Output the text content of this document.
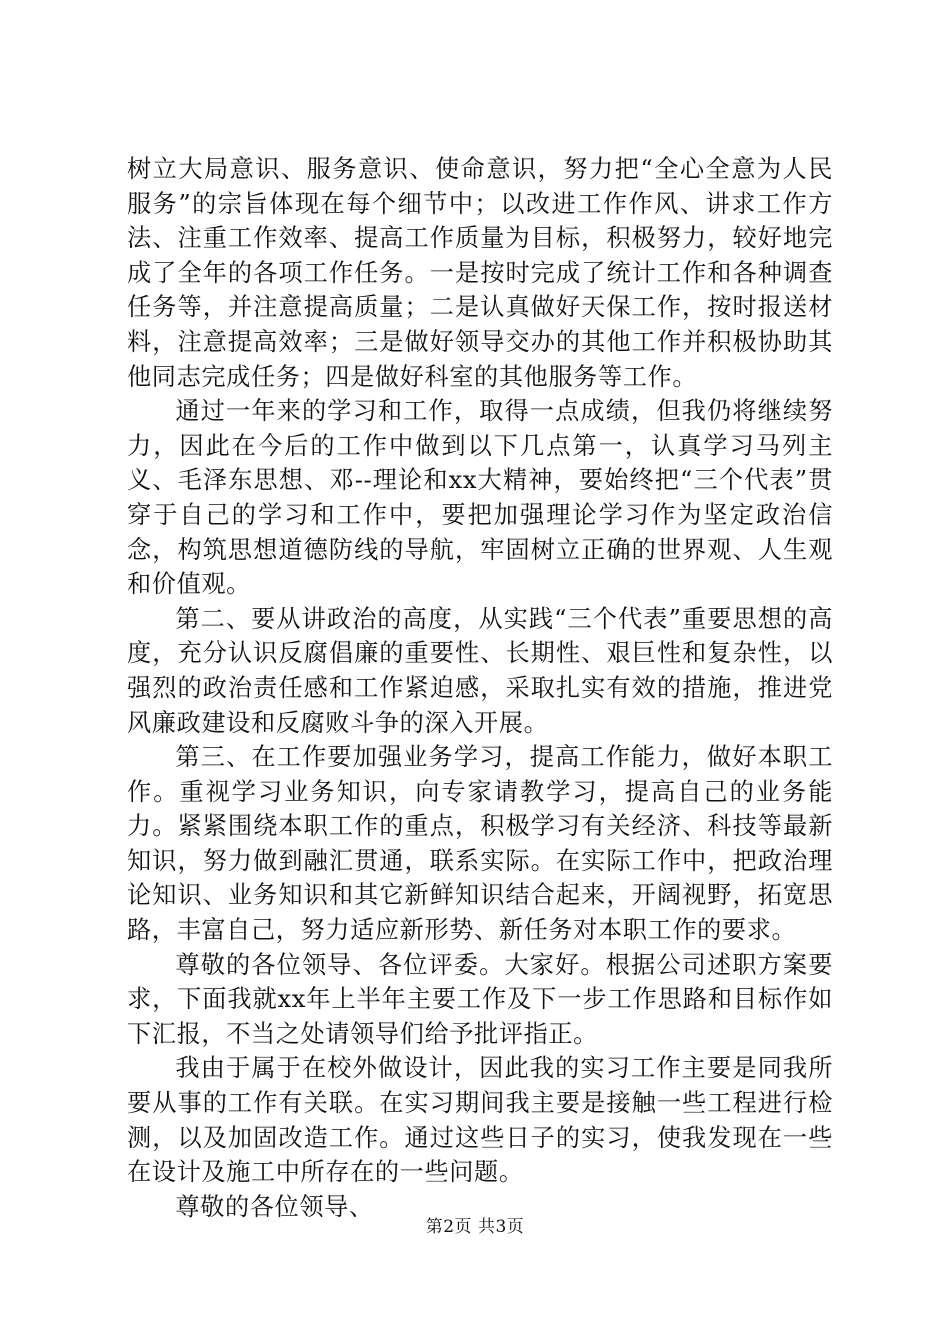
树立大局意识、服务意识、使命意识，努力把“全心全意为人民服务”的宗旨体现在每个细节中；以改进工作作风、讲求工作方法、注重工作效率、提高工作质量为目标，积极努力，较好地完成了全年的各项工作任务。一是按时完成了统计工作和各种调查任务等，并注意提高质量；二是认真做好天保工作，按时报送材料，注意提高效率；三是做好领导交办的其他工作并积极协助其他同志完成任务；四是做好科室的其他服务等工作。

通过一年来的学习和工作，取得一点成绩，但我仍将继续努力，因此在今后的工作中做到以下几点第一，认真学习马列主义、毛泽东思想、邓--理论和xx大精神，要始终把“三个代表”贯穿于自己的学习和工作中，要把加强理论学习作为坚定政治信念，构筑思想道德防线的导航，牢固树立正确的世界观、人生观和价值观。

第二、要从讲政治的高度，从实践“三个代表”重要思想的高度，充分认识反腐倡廉的重要性、长期性、艰巨性和复杂性，以强烈的政治责任感和工作紧迫感，采取扎实有效的措施，推进党风廉政建设和反腐败斗争的深入开展。

第三、在工作要加强业务学习，提高工作能力，做好本职工作。重视学习业务知识，向专家请教学习，提高自己的业务能力。紧紧围绕本职工作的重点，积极学习有关经济、科技等最新知识，努力做到融汇贯通，联系实际。在实际工作中，把政治理论知识、业务知识和其它新鲜知识结合起来，开阔视野，拓宽思路，丰富自己，努力适应新形势、新任务对本职工作的要求。

尊敬的各位领导、各位评委。大家好。根据公司述职方案要求，下面我就xx年上半年主要工作及下一步工作思路和目标作如下汇报，不当之处请领导们给予批评指正。

我由于属于在校外做设计，因此我的实习工作主要是同我所要从事的工作有关联。在实习期间我主要是接触一些工程进行检测，以及加固改造工作。通过这些日子的实习，使我发现在一些在设计及施工中所存在的一些问题。

尊敬的各位领导、

第2页 共3页
